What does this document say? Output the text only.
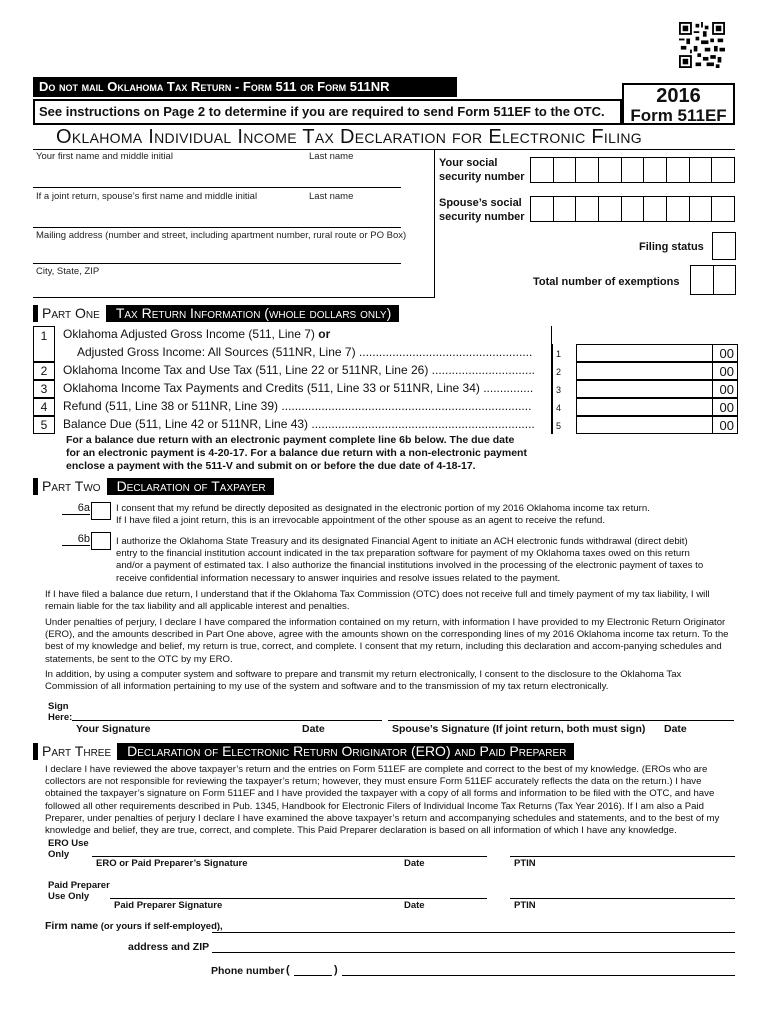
Do not mail Oklahoma Tax Return - Form 511 or Form 511NR
See instructions on Page 2 to determine if you are required to send Form 511EF to the OTC.
2016
Form 511EF
Oklahoma Individual Income Tax Declaration for Electronic Filing
Your first name and middle initial	Last name
If a joint return, spouse’s first name and middle initial	Last name
Mailing address (number and street, including apartment number, rural route or PO Box)
City, State, ZIP
Your social
security number
Spouse’s social
security number
Filing status
Total number of exemptions
Part One	Tax Return Information (whole dollars only)
1	Oklahoma Adjusted Gross Income (511, Line 7) or
Adjusted Gross Income: All Sources (511NR, Line 7) ....................................................	1	00
2	Oklahoma Income Tax and Use Tax (511, Line 22 or 511NR, Line 26) ...............................	2	00
3	Oklahoma Income Tax Payments and Credits (511, Line 33 or 511NR, Line 34) ...............	3	00
4	Refund (511, Line 38 or 511NR, Line 39) ...........................................................................	4	00
5	Balance Due (511, Line 42 or 511NR, Line 43) ...................................................................	5	00
For a balance due return with an electronic payment complete line 6b below. The due date
for an electronic payment is 4-20-17. For a balance due return with a non-electronic payment
enclose a payment with the 511-V and submit on or before the due date of 4-18-17.
Part Two	Declaration of Taxpayer
6a	I consent that my refund be directly deposited as designated in the electronic portion of my 2016 Oklahoma income tax return.
If I have filed a joint return, this is an irrevocable appointment of the other spouse as an agent to receive the refund.
6b	I authorize the Oklahoma State Treasury and its designated Financial Agent to initiate an ACH electronic funds withdrawal (direct debit)
entry to the financial institution account indicated in the tax preparation software for payment of my Oklahoma taxes owed on this return
and/or a payment of estimated tax. I also authorize the financial institutions involved in the processing of the electronic payment of taxes to
receive confidential information necessary to answer inquiries and resolve issues related to the payment.
If I have filed a balance due return, I understand that if the Oklahoma Tax Commission (OTC) does not receive full and timely payment of my tax liability, I will remain liable for the tax liability and all applicable interest and penalties.
Under penalties of perjury, I declare I have compared the information contained on my return, with information I have provided to my Electronic Return Originator (ERO), and the amounts described in Part One above, agree with the amounts shown on the corresponding lines of my 2016 Oklahoma income tax return. To the best of my knowledge and belief, my return is true, correct, and complete. I consent that my return, including this declaration and accom-panying schedules and statements, be sent to the OTC by my ERO.
In addition, by using a computer system and software to prepare and transmit my return electronically, I consent to the disclosure to the Oklahoma Tax Commission of all information pertaining to my use of the system and software and to the transmission of my tax return electronically.
Sign
Here:
Your Signature	Date	Spouse’s Signature (If joint return, both must sign) Date
Part Three	Declaration of Electronic Return Originator (ERO) and Paid Preparer
I declare I have reviewed the above taxpayer’s return and the entries on Form 511EF are complete and correct to the best of my knowledge. (EROs who are collectors are not responsible for reviewing the taxpayer’s return; however, they must ensure Form 511EF accurately reflects the data on the return.) I have obtained the taxpayer’s signature on Form 511EF and I have provided the taxpayer with a copy of all forms and information to be filed with the OTC, and have followed all other requirements described in Pub. 1345, Handbook for Electronic Filers of Individual Income Tax Returns (Tax Year 2016). If I am also a Paid Preparer, under penalties of perjury I declare I have examined the above taxpayer’s return and accompanying schedules and statements, and to the best of my knowledge and belief, they are true, correct, and complete. This Paid Preparer declaration is based on all information of which I have any knowledge.
ERO Use
Only
ERO or Paid Preparer’s Signature	Date	PTIN
Paid Preparer
Use Only
Paid Preparer Signature	Date	PTIN
Firm name (or yours if self-employed),
address and ZIP
Phone number (	)
